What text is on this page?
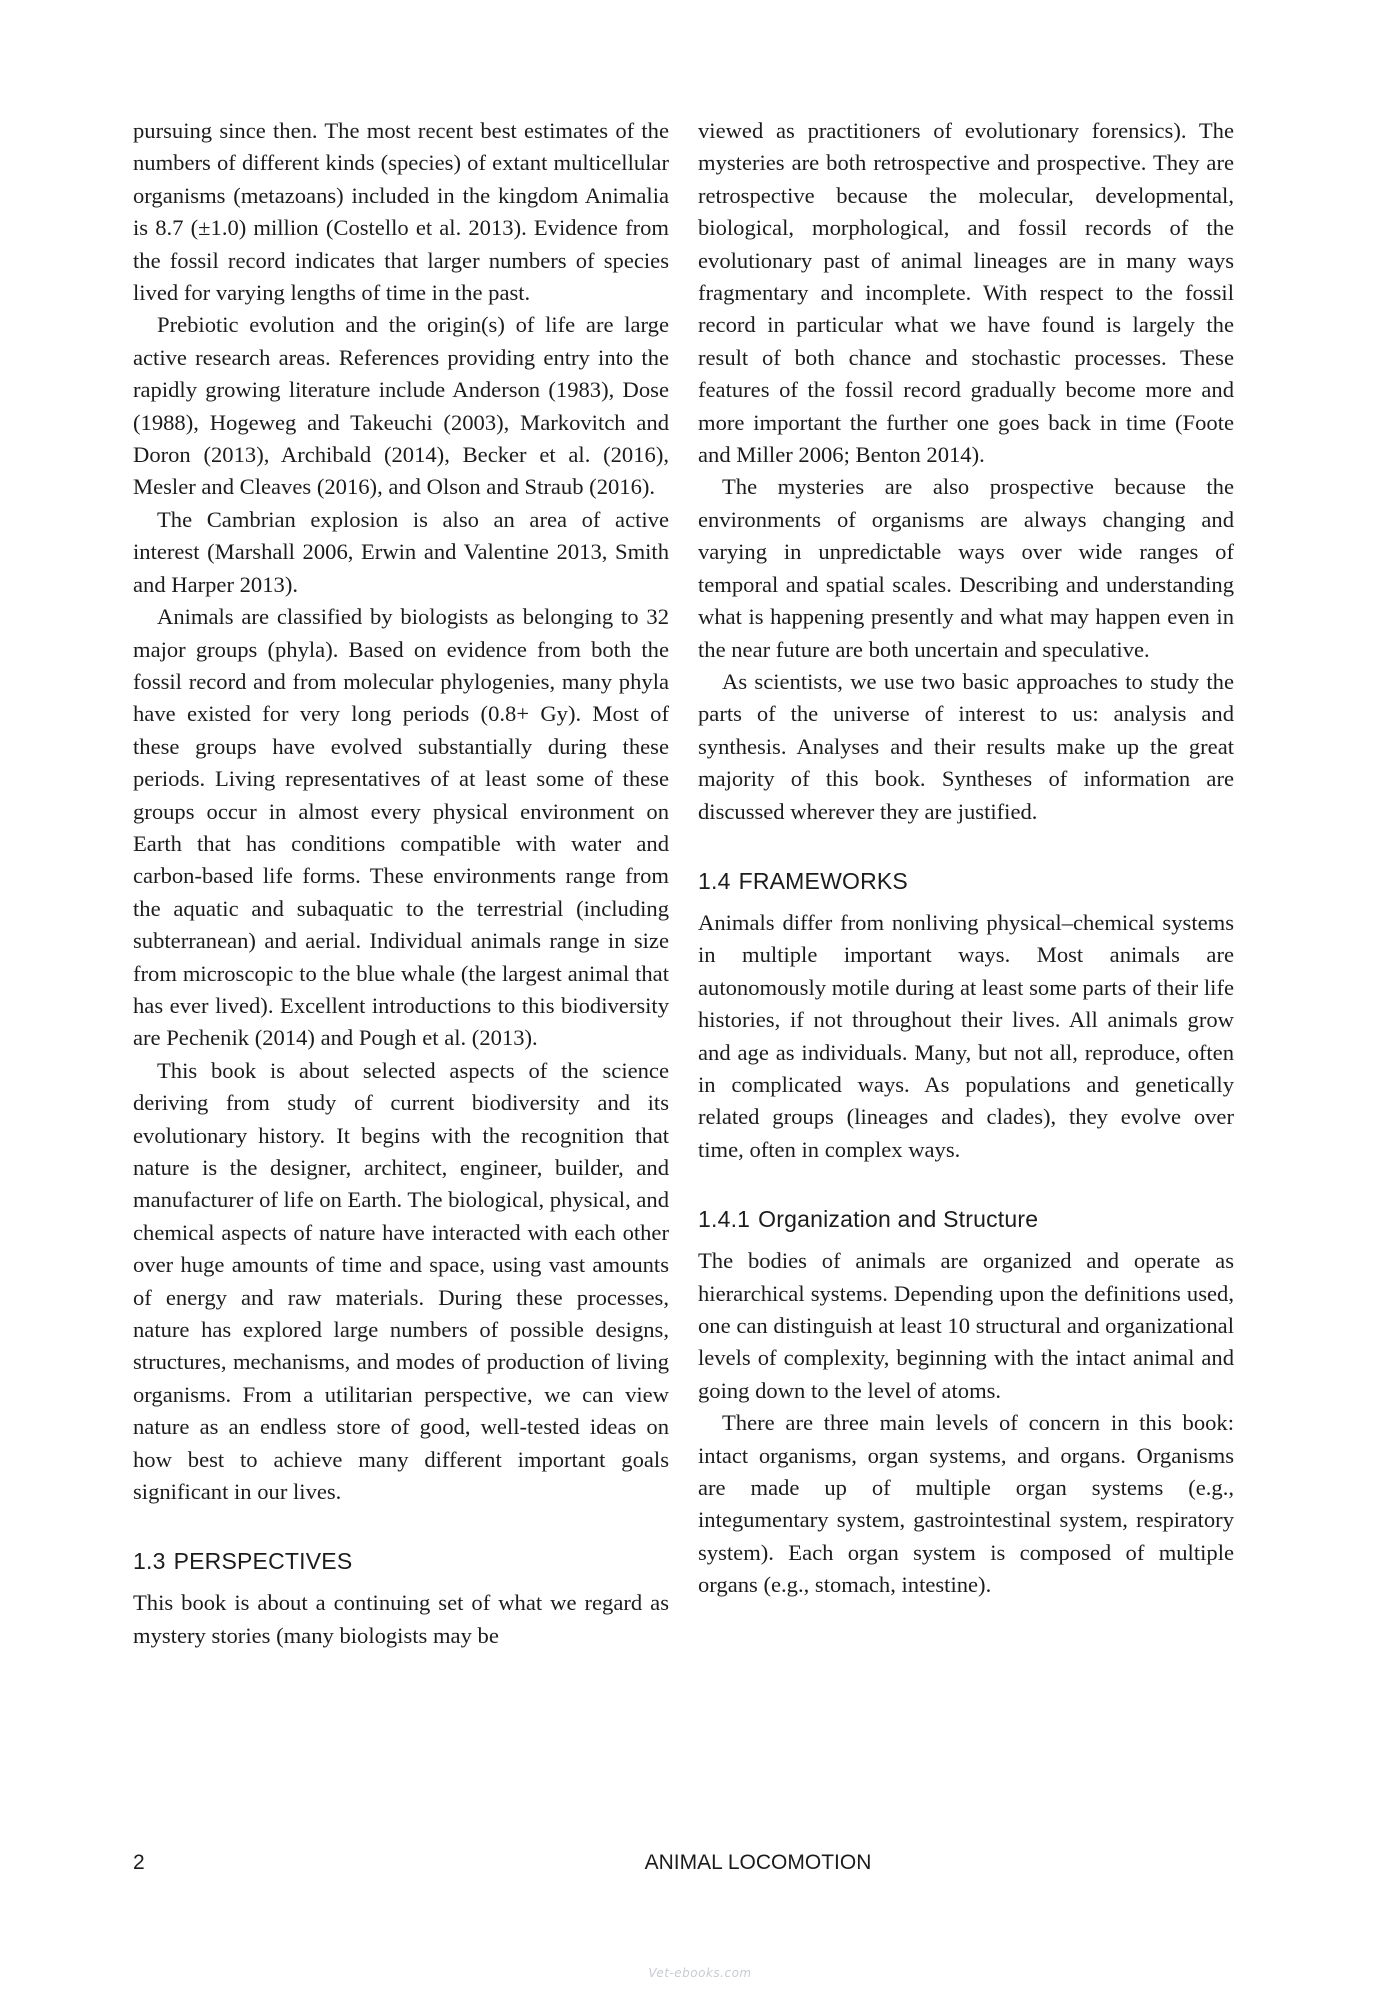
pursuing since then. The most recent best estimates of the numbers of different kinds (species) of extant multicellular organisms (metazoans) included in the kingdom Animalia is 8.7 (±1.0) million (Costello et al. 2013). Evidence from the fossil record indicates that larger numbers of species lived for varying lengths of time in the past.

Prebiotic evolution and the origin(s) of life are large active research areas. References providing entry into the rapidly growing literature include Anderson (1983), Dose (1988), Hogeweg and Takeuchi (2003), Markovitch and Doron (2013), Archibald (2014), Becker et al. (2016), Mesler and Cleaves (2016), and Olson and Straub (2016).

The Cambrian explosion is also an area of active interest (Marshall 2006, Erwin and Valentine 2013, Smith and Harper 2013).

Animals are classified by biologists as belonging to 32 major groups (phyla). Based on evidence from both the fossil record and from molecular phylogenies, many phyla have existed for very long periods (0.8+ Gy). Most of these groups have evolved substantially during these periods. Living representatives of at least some of these groups occur in almost every physical environment on Earth that has conditions compatible with water and carbon-based life forms. These environments range from the aquatic and subaquatic to the terrestrial (including subterranean) and aerial. Individual animals range in size from microscopic to the blue whale (the largest animal that has ever lived). Excellent introductions to this biodiversity are Pechenik (2014) and Pough et al. (2013).

This book is about selected aspects of the science deriving from study of current biodiversity and its evolutionary history. It begins with the recognition that nature is the designer, architect, engineer, builder, and manufacturer of life on Earth. The biological, physical, and chemical aspects of nature have interacted with each other over huge amounts of time and space, using vast amounts of energy and raw materials. During these processes, nature has explored large numbers of possible designs, structures, mechanisms, and modes of production of living organisms. From a utilitarian perspective, we can view nature as an endless store of good, well-tested ideas on how best to achieve many different important goals significant in our lives.

1.3 PERSPECTIVES

This book is about a continuing set of what we regard as mystery stories (many biologists may be

viewed as practitioners of evolutionary forensics). The mysteries are both retrospective and prospective. They are retrospective because the molecular, developmental, biological, morphological, and fossil records of the evolutionary past of animal lineages are in many ways fragmentary and incomplete. With respect to the fossil record in particular what we have found is largely the result of both chance and stochastic processes. These features of the fossil record gradually become more and more important the further one goes back in time (Foote and Miller 2006; Benton 2014).

The mysteries are also prospective because the environments of organisms are always changing and varying in unpredictable ways over wide ranges of temporal and spatial scales. Describing and understanding what is happening presently and what may happen even in the near future are both uncertain and speculative.

As scientists, we use two basic approaches to study the parts of the universe of interest to us: analysis and synthesis. Analyses and their results make up the great majority of this book. Syntheses of information are discussed wherever they are justified.

1.4 FRAMEWORKS

Animals differ from nonliving physical–chemical systems in multiple important ways. Most animals are autonomously motile during at least some parts of their life histories, if not throughout their lives. All animals grow and age as individuals. Many, but not all, reproduce, often in complicated ways. As populations and genetically related groups (lineages and clades), they evolve over time, often in complex ways.

1.4.1 Organization and Structure

The bodies of animals are organized and operate as hierarchical systems. Depending upon the definitions used, one can distinguish at least 10 structural and organizational levels of complexity, beginning with the intact animal and going down to the level of atoms.

There are three main levels of concern in this book: intact organisms, organ systems, and organs. Organisms are made up of multiple organ systems (e.g., integumentary system, gastrointestinal system, respiratory system). Each organ system is composed of multiple organs (e.g., stomach, intestine).

2	ANIMAL LOCOMOTION
Vet-ebooks.com
